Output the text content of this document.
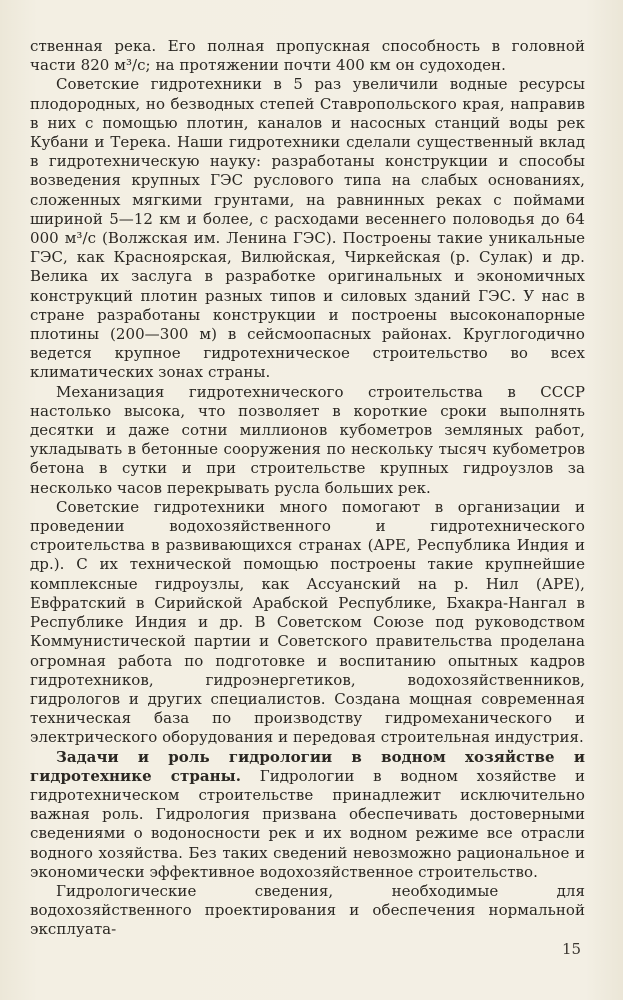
ственная река. Его полная пропускная способность в головной части 820 м³/с; на протяжении почти 400 км он судоходен.

Советские гидротехники в 5 раз увеличили водные ресурсы плодородных, но безводных степей Ставропольского края, направив в них с помощью плотин, каналов и насосных станций воды рек Кубани и Терека. Наши гидротехники сделали существенный вклад в гидротехническую науку: разработаны конструкции и способы возведения крупных ГЭС руслового типа на слабых основаниях, сложенных мягкими грунтами, на равнинных реках с поймами шириной 5—12 км и более, с расходами весеннего половодья до 64 000 м³/с (Волжская им. Ленина ГЭС). Построены такие уникальные ГЭС, как Красноярская, Вилюйская, Чиркейская (р. Сулак) и др. Велика их заслуга в разработке оригинальных и экономичных конструкций плотин разных типов и силовых зданий ГЭС. У нас в стране разработаны конструкции и построены высоконапорные плотины (200—300 м) в сейсмоопасных районах. Круглогодично ведется крупное гидротехническое строительство во всех климатических зонах страны.

Механизация гидротехнического строительства в СССР настолько высока, что позволяет в короткие сроки выполнять десятки и даже сотни миллионов кубометров земляных работ, укладывать в бетонные сооружения по нескольку тысяч кубометров бетона в сутки и при строительстве крупных гидроузлов за несколько часов перекрывать русла больших рек.

Советские гидротехники много помогают в организации и проведении водохозяйственного и гидротехнического строительства в развивающихся странах (АРЕ, Республика Индия и др.). С их технической помощью построены такие крупнейшие комплексные гидроузлы, как Ассуанский на р. Нил (АРЕ), Евфратский в Сирийской Арабской Республике, Бхакра-Нангал в Республике Индия и др. В Советском Союзе под руководством Коммунистической партии и Советского правительства проделана огромная работа по подготовке и воспитанию опытных кадров гидротехников, гидроэнергетиков, водохозяйственников, гидрологов и других специалистов. Создана мощная современная техническая база по производству гидромеханического и электрического оборудования и передовая строительная индустрия.

Задачи и роль гидрологии в водном хозяйстве и гидротехнике страны. Гидрологии в водном хозяйстве и гидротехническом строительстве принадлежит исключительно важная роль. Гидрология призвана обеспечивать достоверными сведениями о водоносности рек и их водном режиме все отрасли водного хозяйства. Без таких сведений невозможно рациональное и экономически эффективное водохозяйственное строительство.

Гидрологические сведения, необходимые для водохозяйственного проектирования и обеспечения нормальной эксплуата-

15
